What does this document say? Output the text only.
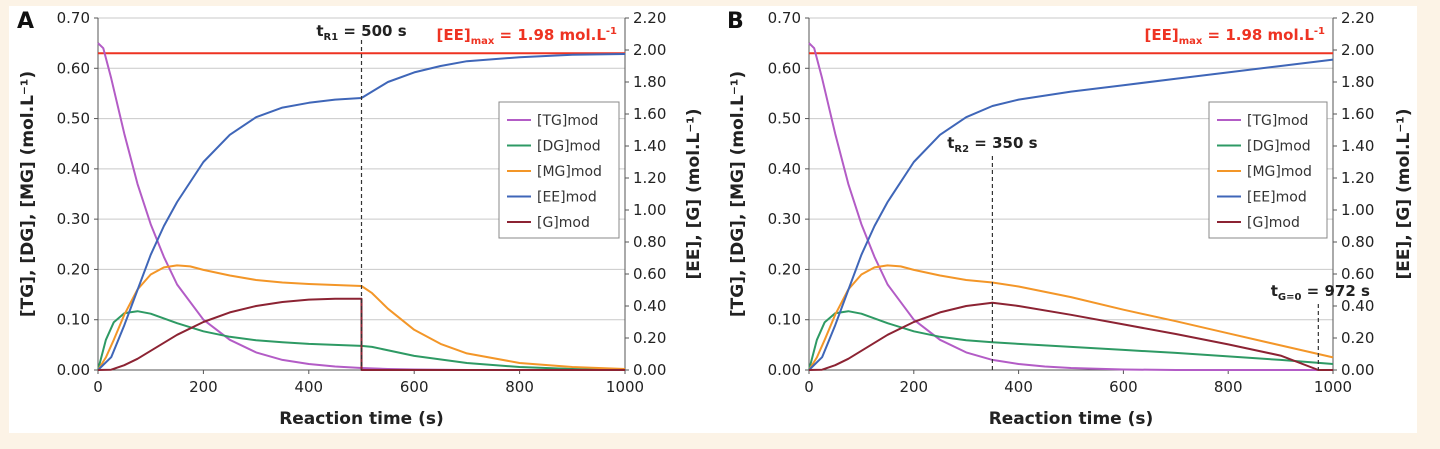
0.00
0.10
0.20
0.30
0.40
0.50
0.60
0.70
0.00
0.20
0.40
0.60
0.80
1.00
1.20
1.40
1.60
1.80
2.00
2.20
0	200	400	600	800	1000
Reaction time (s)
[TG], [DG], [MG] (mol.L⁻¹)	[EE], [G] (mol.L⁻¹)
A
$[EE]_{max} = 1.98$ $mol.L^{-1}$
$t_{R1} = 500$ s
[TG]mod
[DG]mod
[MG]mod
[EE]mod
[G]mod
0.00
0.10
0.20
0.30
0.40
0.50
0.60
0.70
0.00
0.20
0.40
0.60
0.80
1.00
1.20
1.40
1.60
1.80
2.00
2.20
0	200	400	600	800	1000
Reaction time (s)
[TG], [DG], [MG] (mol.L⁻¹)	[EE], [G] (mol.L⁻¹)
B
$[EE]_{max} = 1.98$ $mol.L^{-1}$
$t_{R2} = 350$ s
$t_{G=0} = 972$ s
[TG]mod
[DG]mod
[MG]mod
[EE]mod
[G]mod
